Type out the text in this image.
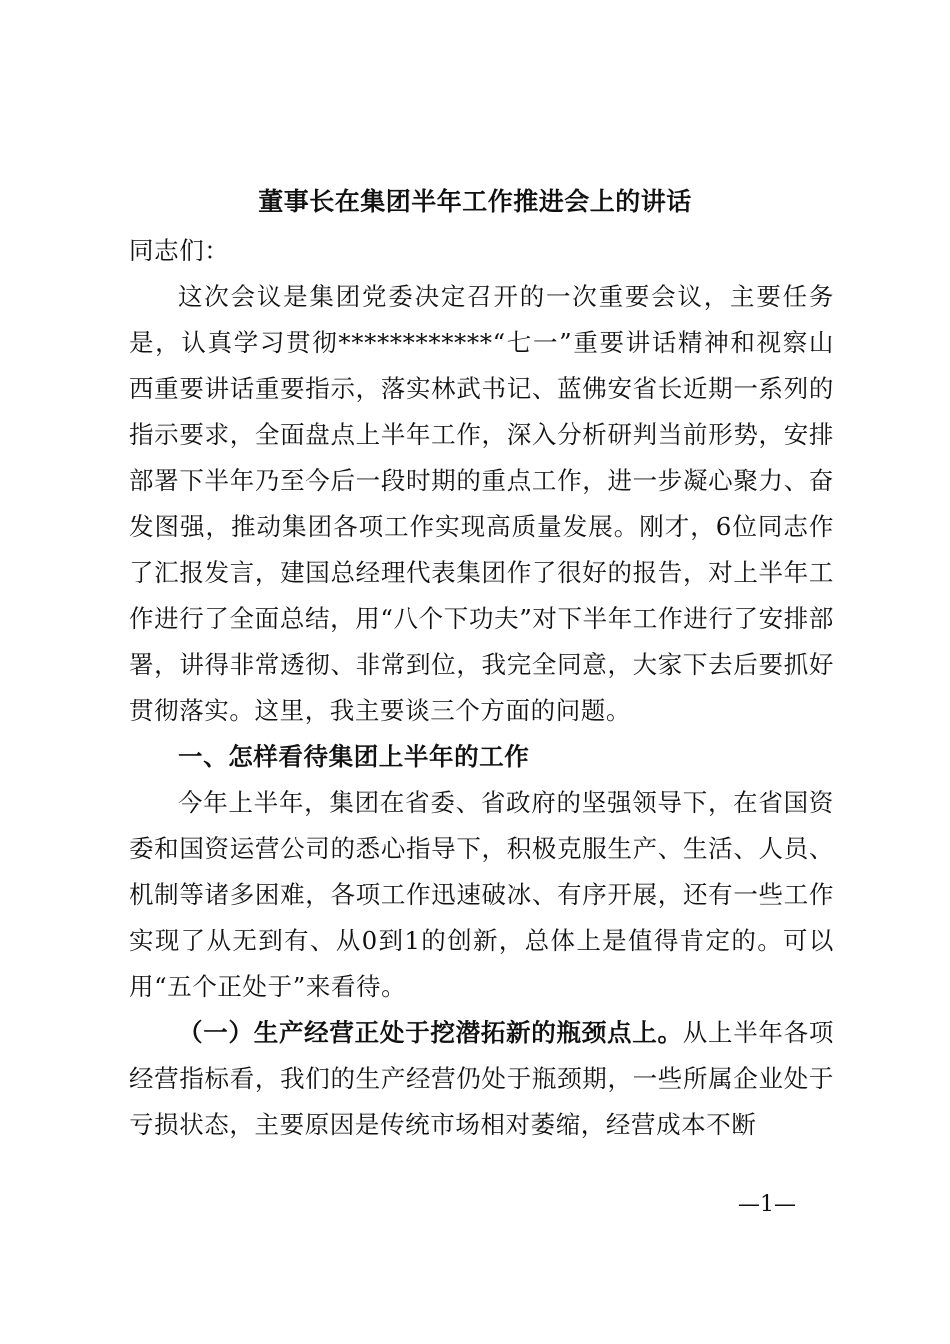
董事长在集团半年工作推进会上的讲话

同志们：

这次会议是集团党委决定召开的一次重要会议，主要任务是，认真学习贯彻************“七一”重要讲话精神和视察山西重要讲话重要指示，落实林武书记、蓝佛安省长近期一系列的指示要求，全面盘点上半年工作，深入分析研判当前形势，安排部署下半年乃至今后一段时期的重点工作，进一步凝心聚力、奋发图强，推动集团各项工作实现高质量发展。刚才，6位同志作了汇报发言，建国总经理代表集团作了很好的报告，对上半年工作进行了全面总结，用“八个下功夫”对下半年工作进行了安排部署，讲得非常透彻、非常到位，我完全同意，大家下去后要抓好贯彻落实。这里，我主要谈三个方面的问题。

一、怎样看待集团上半年的工作

今年上半年，集团在省委、省政府的坚强领导下，在省国资委和国资运营公司的悉心指导下，积极克服生产、生活、人员、机制等诸多困难，各项工作迅速破冰、有序开展，还有一些工作实现了从无到有、从0到1的创新，总体上是值得肯定的。可以用“五个正处于”来看待。

（一）生产经营正处于挖潜拓新的瓶颈点上。从上半年各项经营指标看，我们的生产经营仍处于瓶颈期，一些所属企业处于亏损状态，主要原因是传统市场相对萎缩，经营成本不断

—1—
